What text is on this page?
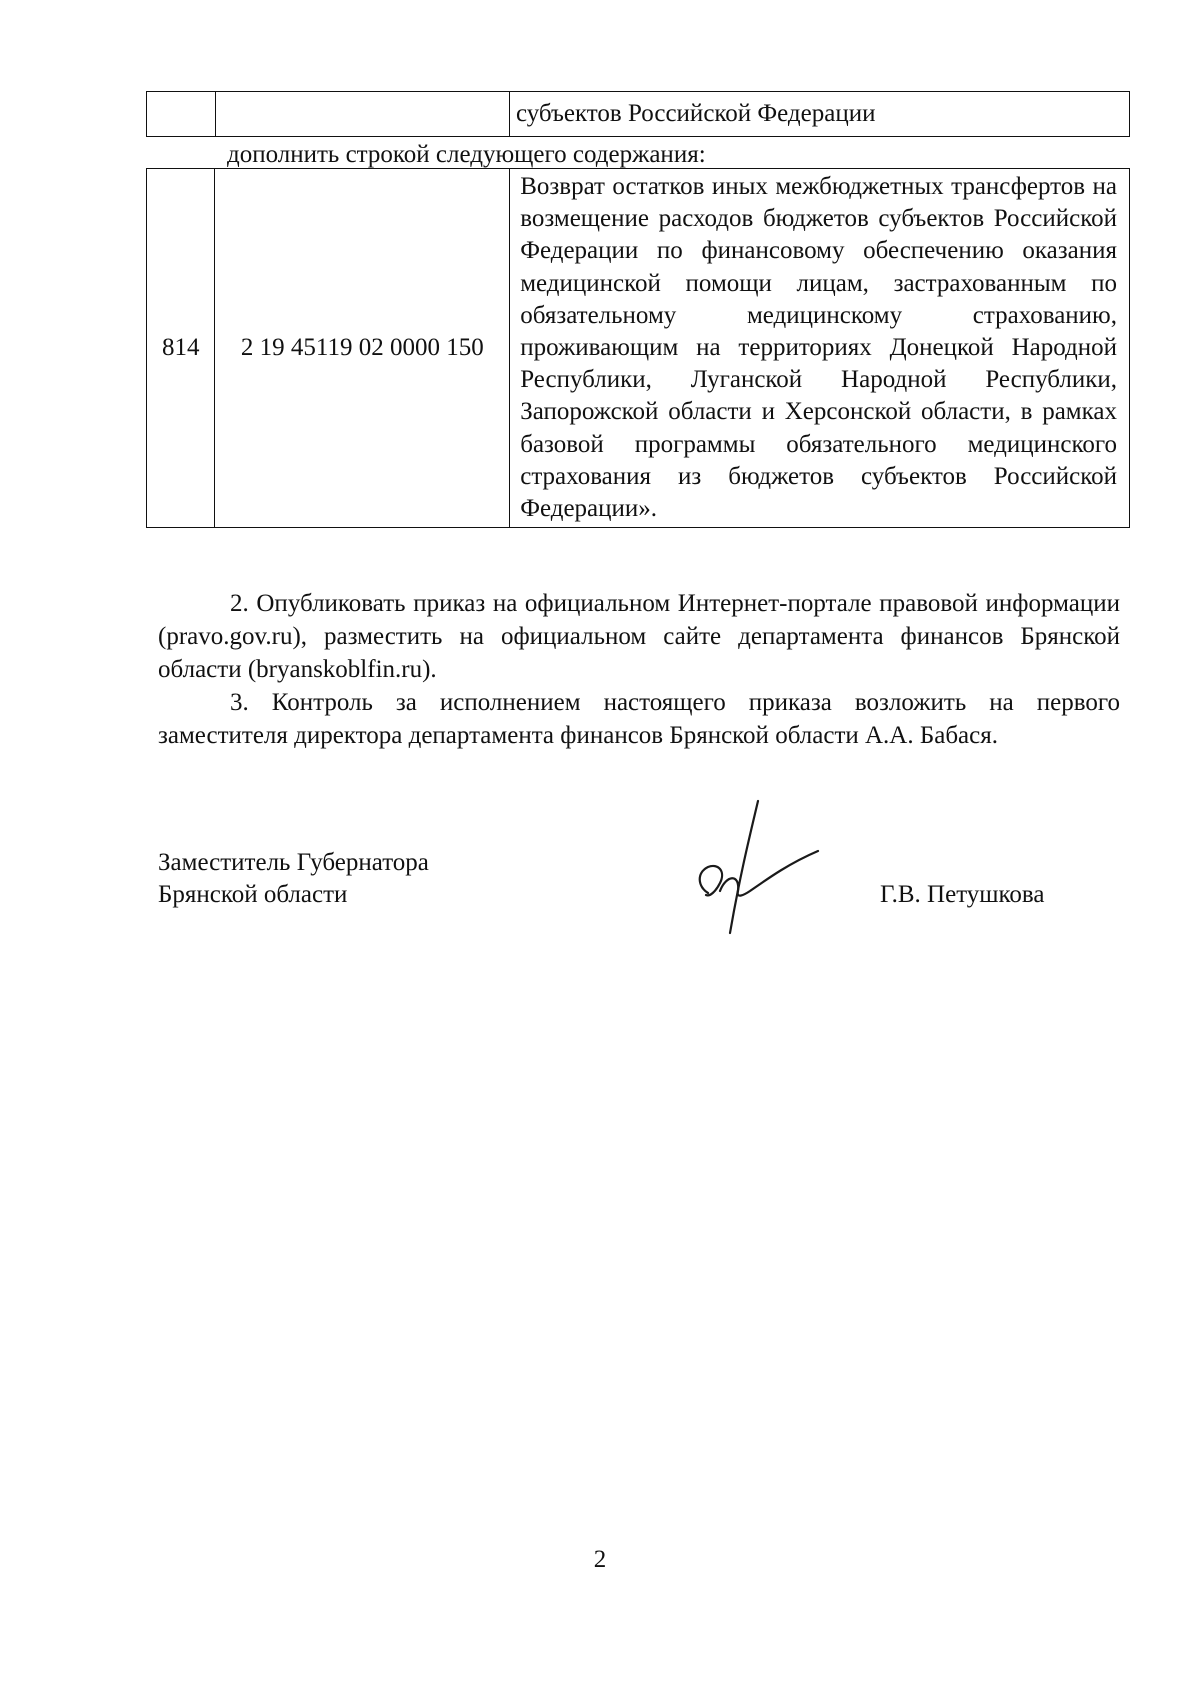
		субъектов Российской Федерации
дополнить строкой следующего содержания:
814	2 19 45119 02 0000 150	Возврат остатков иных межбюджетных трансфертов на возмещение расходов бюджетов субъектов Российской Федерации по финансовому обеспечению оказания медицинской помощи лицам, застрахованным по обязательному медицинскому страхованию, проживающим на территориях Донецкой Народной Республики, Луганской Народной Республики, Запорожской области и Херсонской области, в рамках базовой программы обязательного медицинского страхования из бюджетов субъектов Российской Федерации».

2. Опубликовать приказ на официальном Интернет-портале правовой информации (pravo.gov.ru), разместить на официальном сайте департамента финансов Брянской области (bryanskoblfin.ru).

3. Контроль за исполнением настоящего приказа возложить на первого заместителя директора департамента финансов Брянской области А.А. Бабася.

Заместитель Губернатора
Брянской области	Г.В. Петушкова
2
